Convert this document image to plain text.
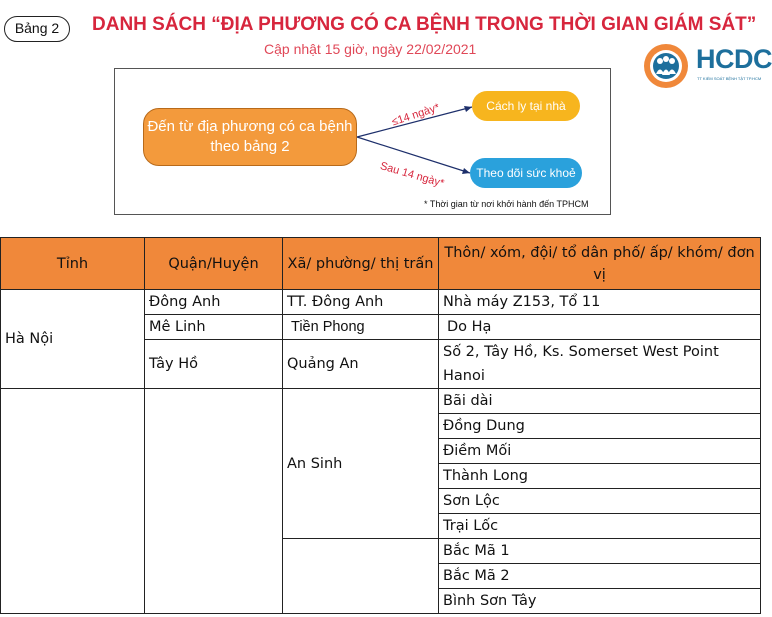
Bảng 2	DANH SÁCH “ĐỊA PHƯƠNG CÓ CA BỆNH TRONG THỜI GIAN GIÁM SÁT”
Cập nhật 15 giờ, ngày 22/02/2021	HCDC
TT KIỂM SOÁT BỆNH TẬT TP.HCM
Đến từ địa phương có ca bệnh theo bảng 2
≤14 ngày*
Sau 14 ngày*
Cách ly tại nhà
Theo dõi sức khoẻ
* Thời gian từ nơi khởi hành đến TPHCM
Tỉnh	Quận/Huyện	Xã/ phường/ thị trấn	Thôn/ xóm, đội/ tổ dân phố/ ấp/ khóm/ đơn vị
Hà Nội	Đông Anh	TT. Đông Anh	Nhà máy Z153, Tổ 11
	Mê Linh	Tiền Phong	Do Hạ
	Tây Hồ	Quảng An	Số 2, Tây Hồ, Ks. Somerset West Point Hanoi
		An Sinh	Bãi dài
			Đồng Dung
			Điềm Mối
			Thành Long
			Sơn Lộc
			Trại Lốc
			Bắc Mã 1
			Bắc Mã 2
			Bình Sơn Tây
